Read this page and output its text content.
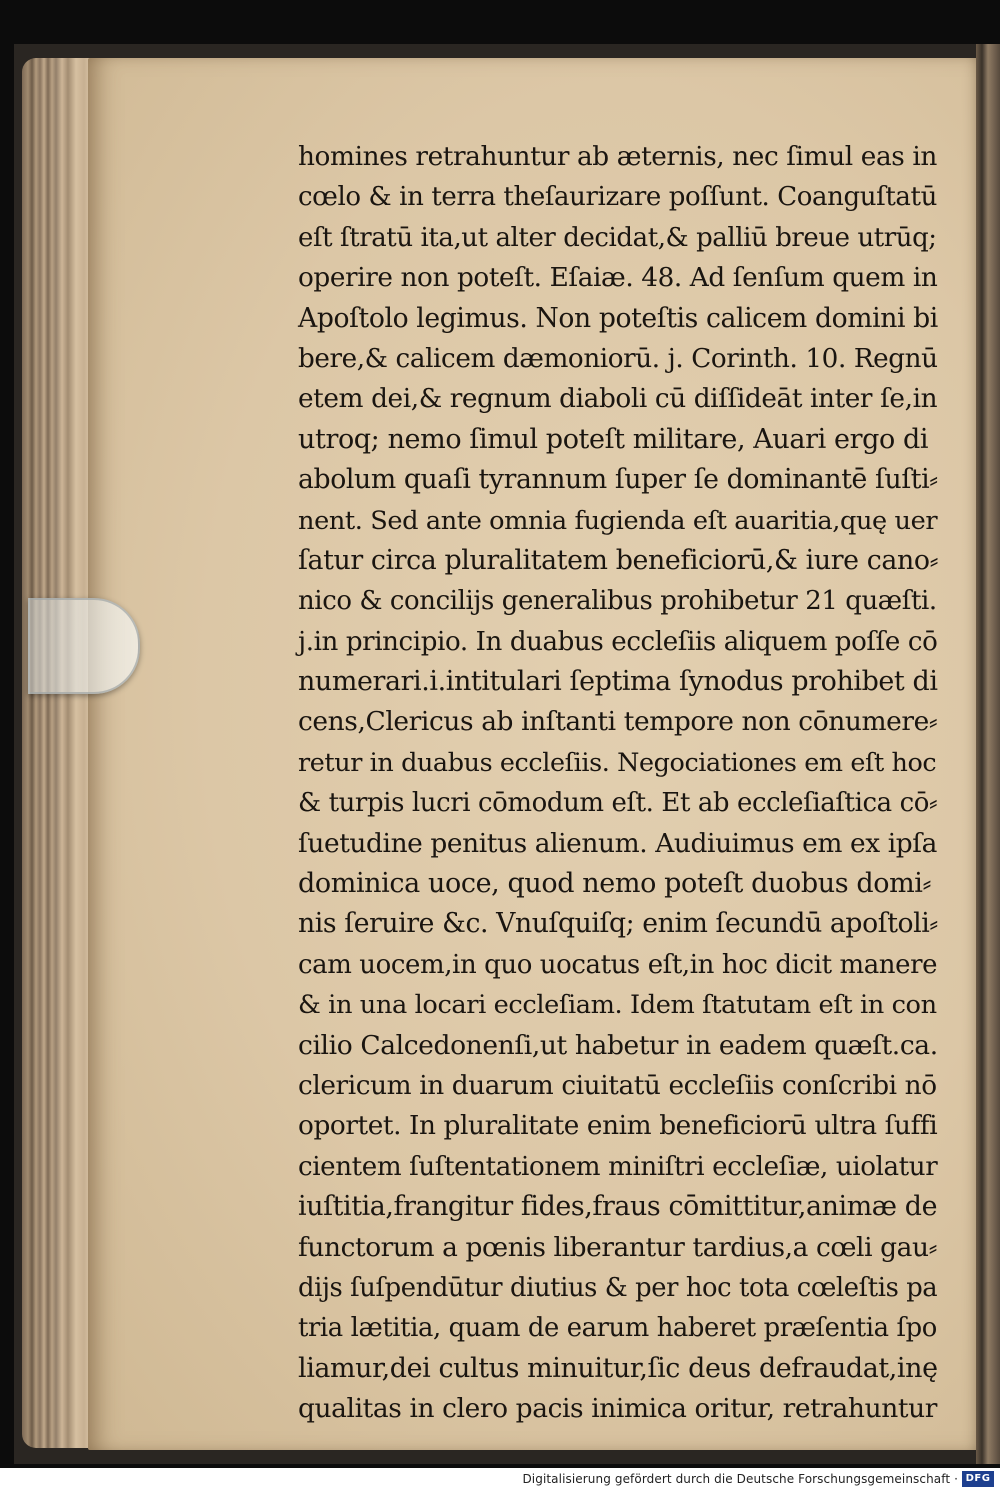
homines retrahuntur ab æternis, nec ſimul eas in
cœlo & in terra theſaurizare poſſunt. Coanguſtatū
eſt ſtratū ita,ut alter decidat,& palliū breue utrūq;
operire non poteſt. Eſaiæ. 48. Ad ſenſum quem in
Apoſtolo legimus. Non poteſtis calicem domini bi
bere,& calicem dæmoniorū. j. Corinth. 10. Regnū
etem dei,& regnum diaboli cū diſſideāt inter ſe,in
utroq; nemo ſimul poteſt militare, Auari ergo di
abolum quaſi tyrannum ſuper ſe dominantē ſuſti⸗
nent. Sed ante omnia fugienda eſt auaritia,quę uer
ſatur circa pluralitatem beneficiorū,& iure cano⸗
nico & concilijs generalibus prohibetur 21 quæſti.
j.in principio. In duabus eccleſiis aliquem poſſe cō
numerari.i.intitulari ſeptima ſynodus prohibet di
cens,Clericus ab inſtanti tempore non cōnumere⸗
retur in duabus eccleſiis. Negociationes em eſt hoc
& turpis lucri cōmodum eſt. Et ab eccleſiaſtica cō⸗
ſuetudine penitus alienum. Audiuimus em ex ipſa
dominica uoce, quod nemo poteſt duobus domi⸗
nis ſeruire &c. Vnuſquiſq; enim ſecundū apoſtoli⸗
cam uocem,in quo uocatus eſt,in hoc dicit manere
& in una locari eccleſiam. Idem ſtatutam eſt in con
cilio Calcedonenſi,ut habetur in eadem quæſt.ca.
clericum in duarum ciuitatū eccleſiis conſcribi nō
oportet. In pluralitate enim beneficiorū ultra ſuffi
cientem ſuſtentationem miniſtri eccleſiæ, uiolatur
iuſtitia,frangitur fides,fraus cōmittitur,animæ de
functorum a pœnis liberantur tardius,a cœli gau⸗
dijs ſuſpendūtur diutius & per hoc tota cœleſtis pa
tria lætitia, quam de earum haberet præſentia ſpo
liamur,dei cultus minuitur,ſic deus defraudat,inę
qualitas in clero pacis inimica oritur, retrahuntur
Digitalisierung gefördert durch die Deutsche Forschungsgemeinschaft · DFG
